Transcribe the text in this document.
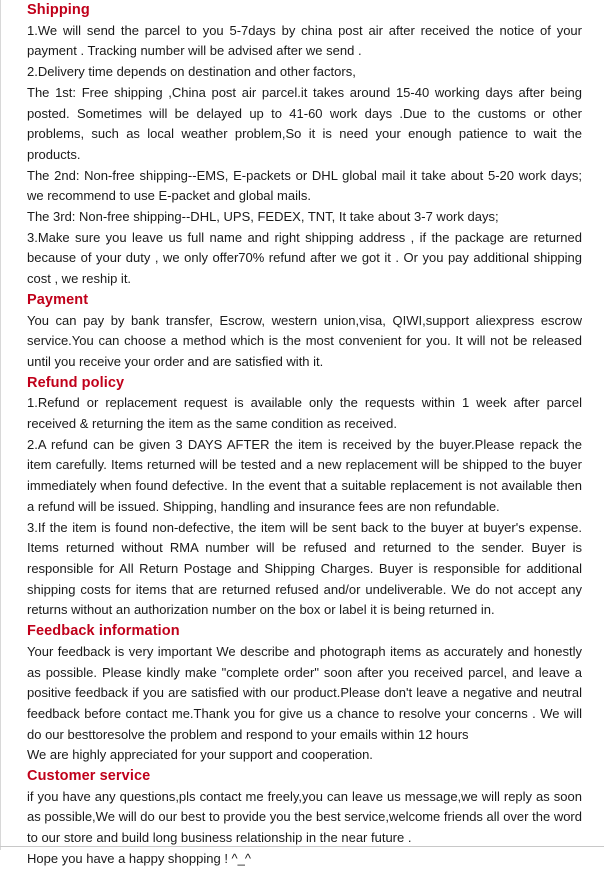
Shipping

1.We will send the parcel to you 5-7days by china post air after received the notice of your payment . Tracking number will be advised after we send .

2.Delivery time depends on destination and other factors,

The 1st: Free shipping ,China post air parcel.it takes around 15-40 working days after being posted. Sometimes will be delayed up to 41-60 work days .Due to the customs or other problems, such as local weather problem,So it is need your enough patience to wait the products.

The 2nd: Non-free shipping--EMS, E-packets or DHL global mail it take about 5-20 work days; we recommend to use E-packet and global mails.

The 3rd: Non-free shipping--DHL, UPS, FEDEX, TNT, It take about 3-7 work days;

3.Make sure you leave us full name and right shipping address , if the package are returned because of your duty , we only offer70% refund after we got it . Or you pay additional shipping cost , we reship it.

Payment

You can pay by bank transfer, Escrow, western union,visa, QIWI,support aliexpress escrow service.You can choose a method which is the most convenient for you. It will not be released until you receive your order and are satisfied with it.

Refund policy

1.Refund or replacement request is available only the requests within 1 week after parcel received & returning the item as the same condition as received.

2.A refund can be given 3 DAYS AFTER the item is received by the buyer.Please repack the item carefully. Items returned will be tested and a new replacement will be shipped to the buyer immediately when found defective. In the event that a suitable replacement is not available then a refund will be issued. Shipping, handling and insurance fees are non refundable.

3.If the item is found non-defective, the item will be sent back to the buyer at buyer's expense. Items returned without RMA number will be refused and returned to the sender. Buyer is responsible for All Return Postage and Shipping Charges. Buyer is responsible for additional shipping costs for items that are returned refused and/or undeliverable. We do not accept any returns without an authorization number on the box or label it is being returned in.

Feedback information

Your feedback is very important We describe and photograph items as accurately and honestly as possible. Please kindly make "complete order" soon after you received parcel, and leave a positive feedback if you are satisfied with our product.Please don't leave a negative and neutral feedback before contact me.Thank you for give us a chance to resolve your concerns . We will do our besttoresolve the problem and respond to your emails within 12 hours

We are highly appreciated for your support and cooperation.

Customer service

if you have any questions,pls contact me freely,you can leave us message,we will reply as soon as possible,We will do our best to provide you the best service,welcome friends all over the word to our store and build long business relationship in the near future .

Hope you have a happy shopping ! ^_^
